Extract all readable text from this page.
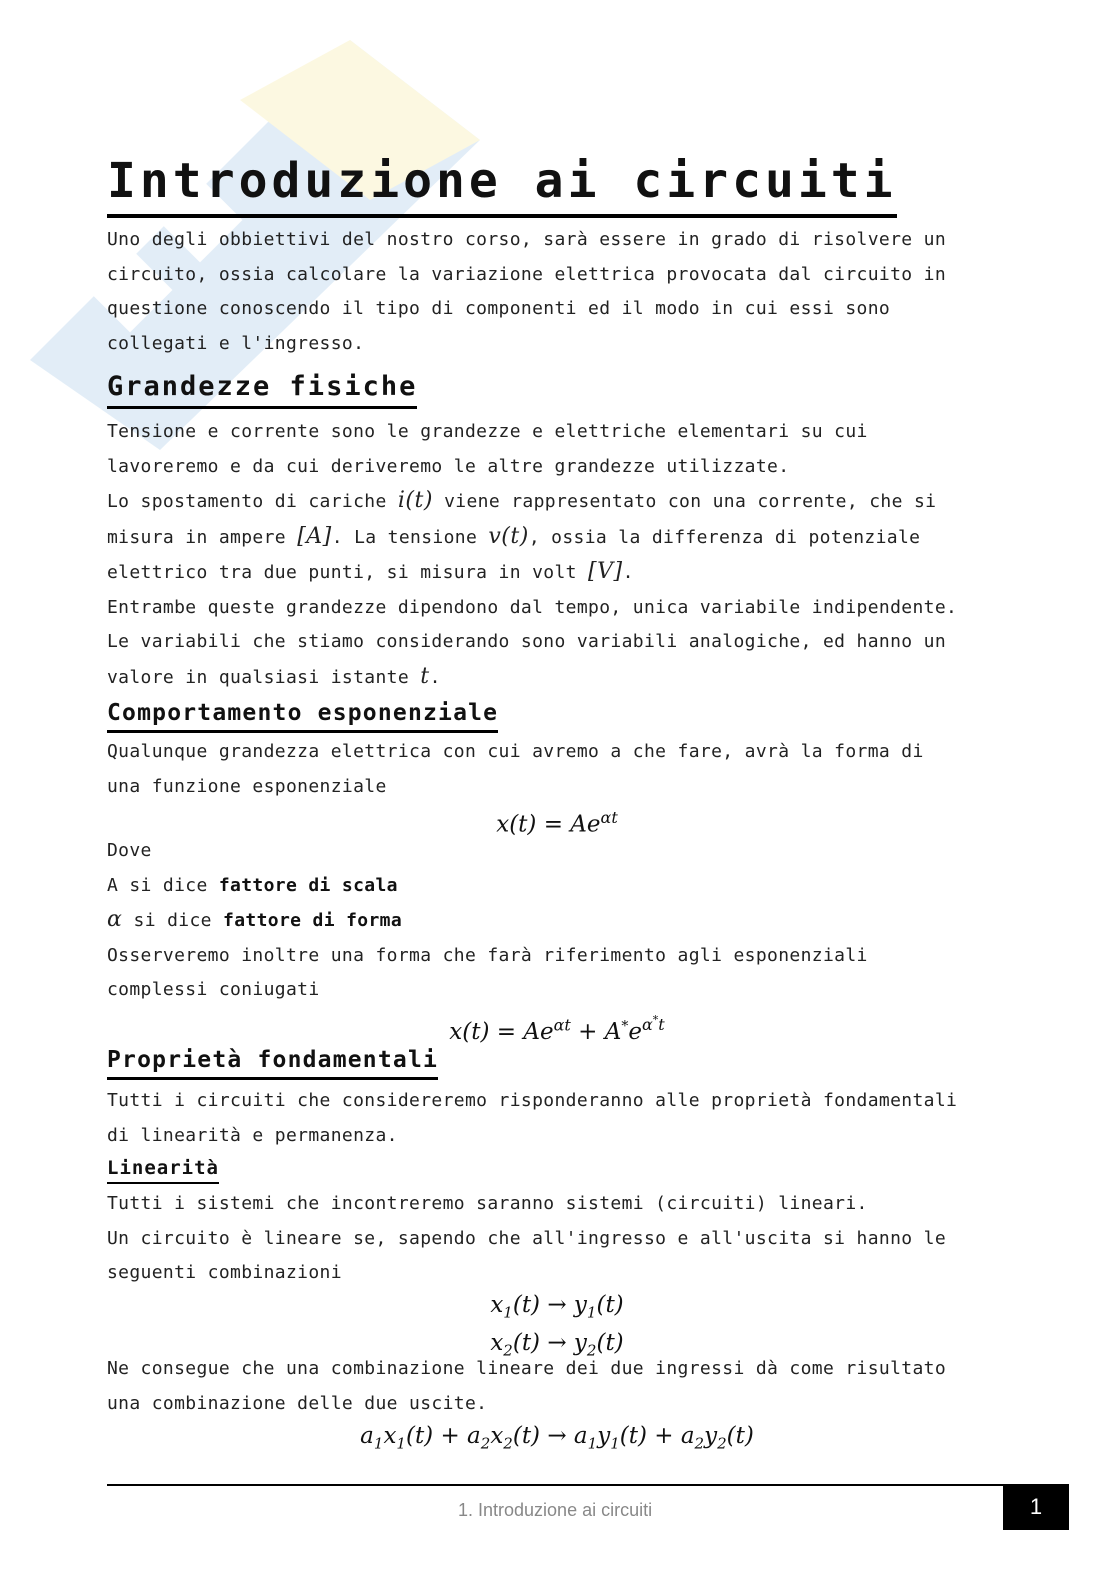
Introduzione ai circuiti

Uno degli obbiettivi del nostro corso, sarà essere in grado di risolvere un

circuito, ossia calcolare la variazione elettrica provocata dal circuito in

questione conoscendo il tipo di componenti ed il modo in cui essi sono

collegati e l'ingresso.

Grandezze fisiche

Tensione e corrente sono le grandezze e elettriche elementari su cui

lavoreremo e da cui deriveremo le altre grandezze utilizzate.

Lo spostamento di cariche i(t) viene rappresentato con una corrente, che si

misura in ampere [A]. La tensione v(t), ossia la differenza di potenziale

elettrico tra due punti, si misura in volt [V].

Entrambe queste grandezze dipendono dal tempo, unica variabile indipendente.

Le variabili che stiamo considerando sono variabili analogiche, ed hanno un

valore in qualsiasi istante t.

Comportamento esponenziale

Qualunque grandezza elettrica con cui avremo a che fare, avrà la forma di

una funzione esponenziale

$x(t) = Ae^{\alpha t}$

Dove

A si dice fattore di scala

α si dice fattore di forma

Osserveremo inoltre una forma che farà riferimento agli esponenziali

complessi coniugati

$x(t) = Ae^{\alpha t} + A^*e^{\alpha^*t}$

Proprietà fondamentali

Tutti i circuiti che considereremo risponderanno alle proprietà fondamentali

di linearità e permanenza.

Linearità

Tutti i sistemi che incontreremo saranno sistemi (circuiti) lineari.

Un circuito è lineare se, sapendo che all'ingresso e all'uscita si hanno le

seguenti combinazioni

$x_1(t) \to y_1(t)$

$x_2(t) \to y_2(t)$

Ne consegue che una combinazione lineare dei due ingressi dà come risultato

una combinazione delle due uscite.

$a_1x_1(t) + a_2x_2(t) \to a_1y_1(t) + a_2y_2(t)$

1. Introduzione ai circuiti	1
